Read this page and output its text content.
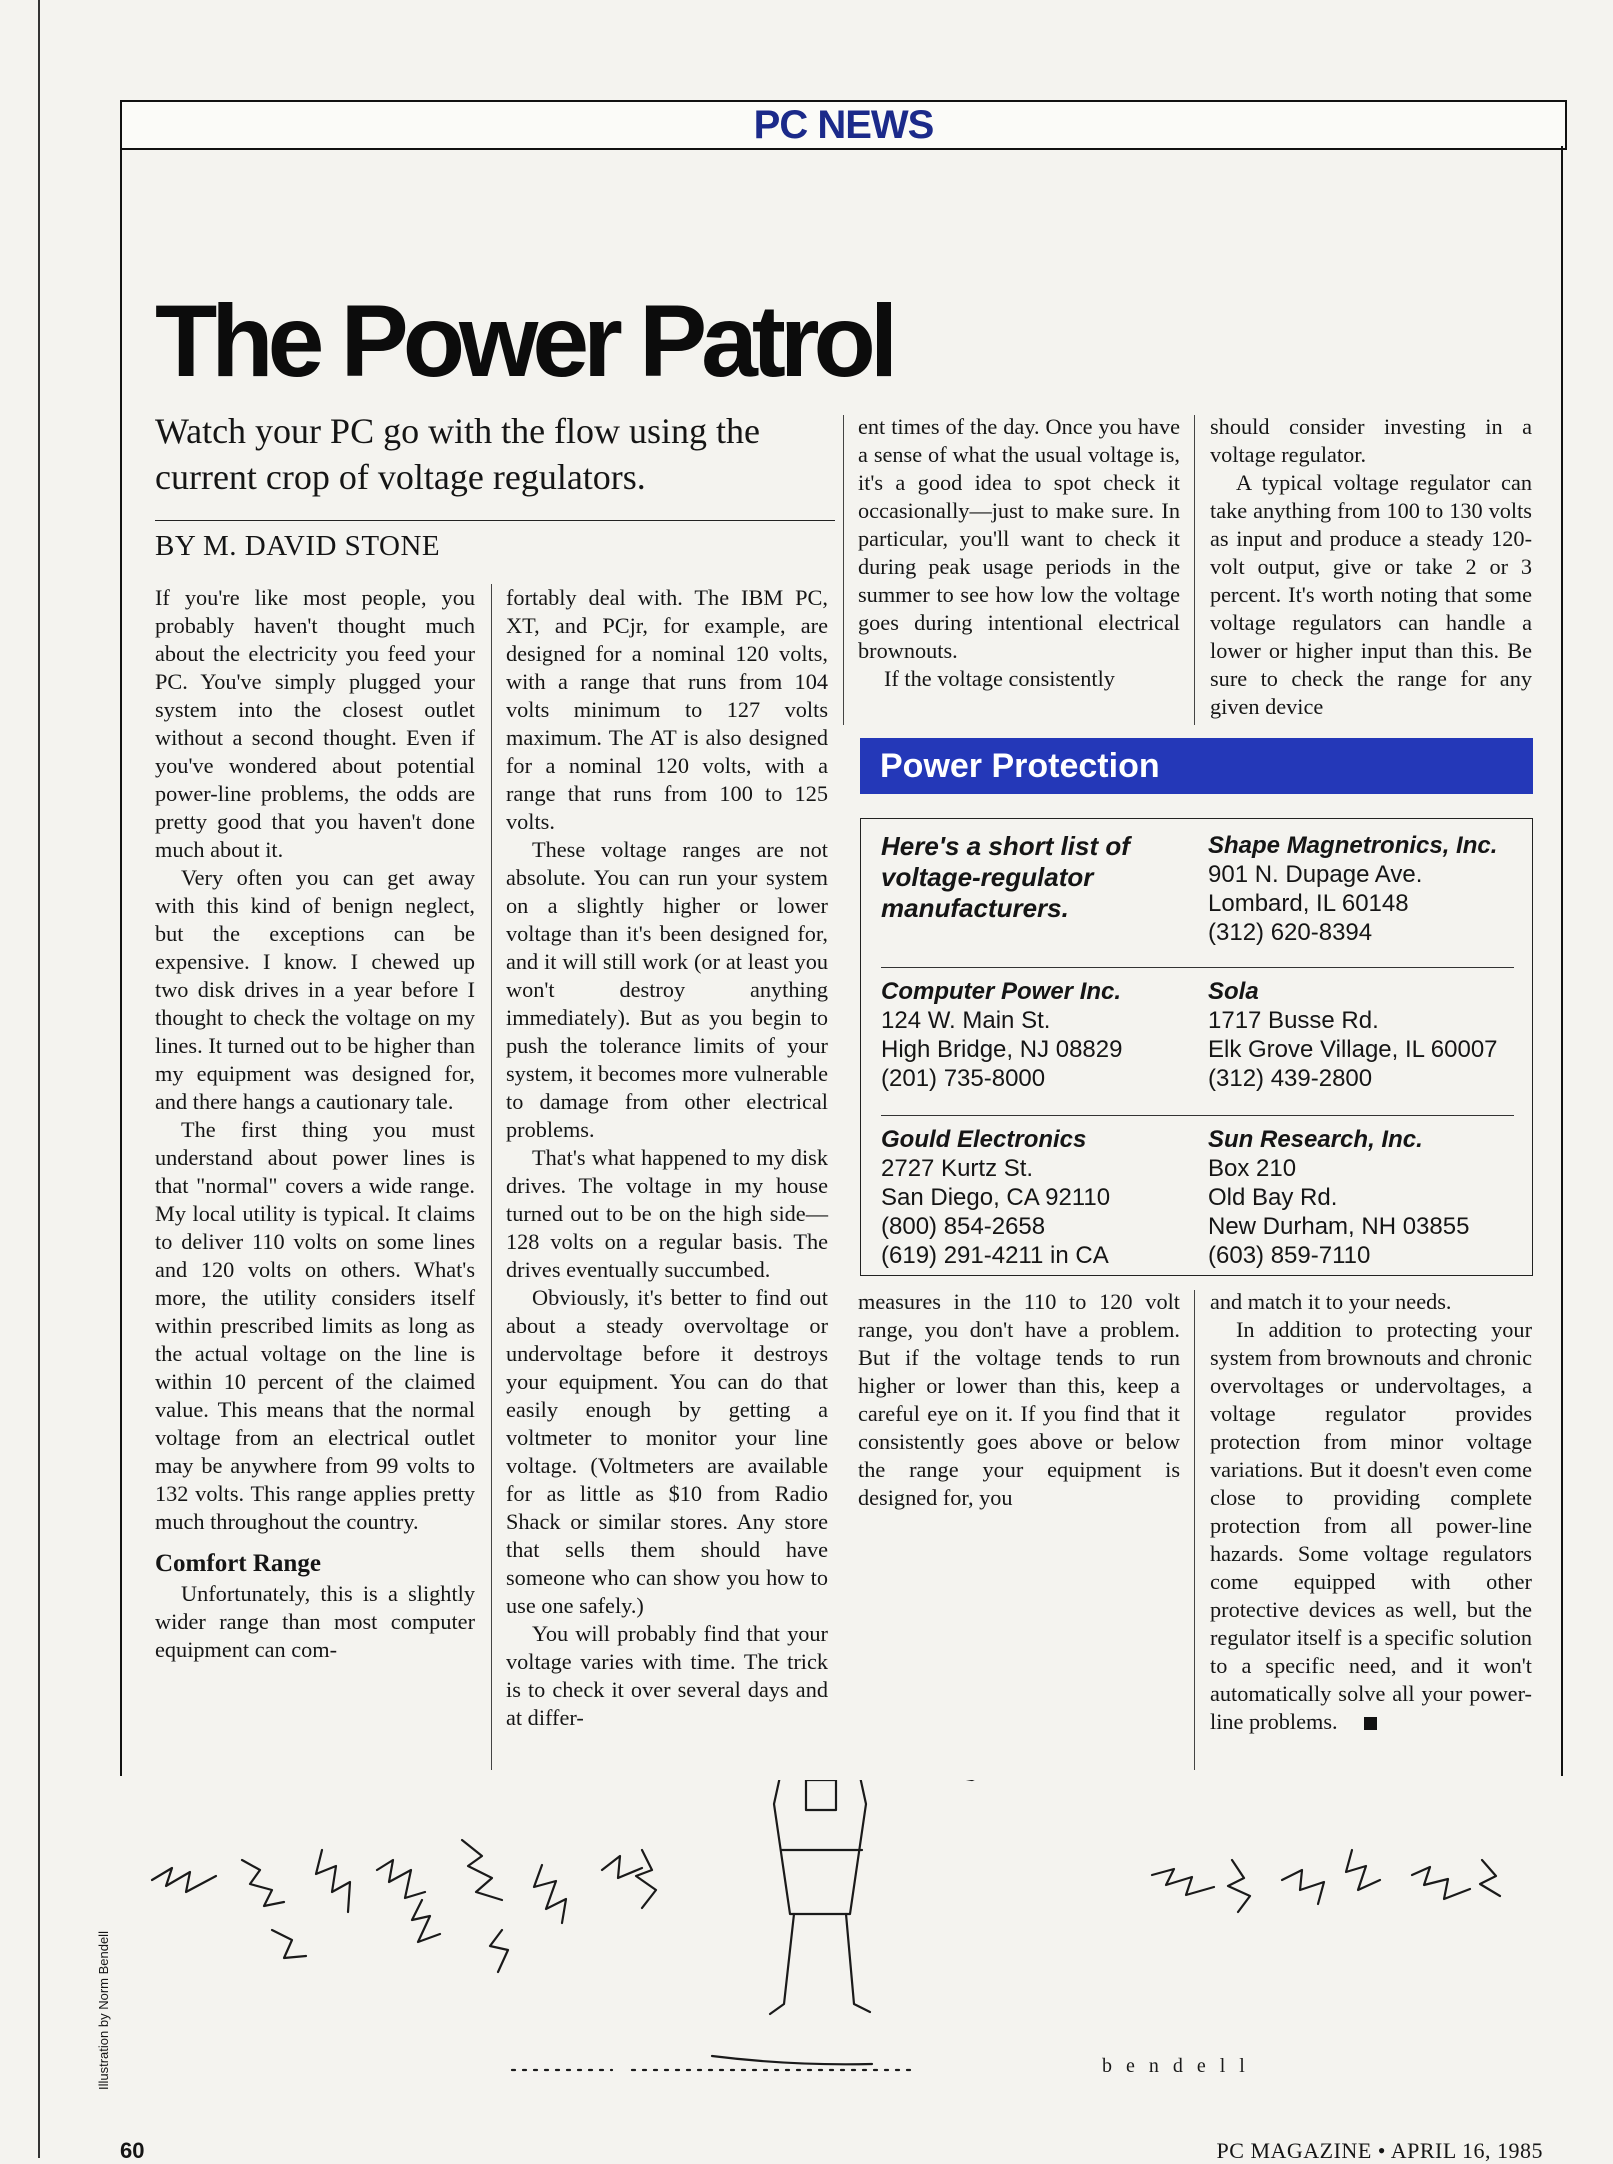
PC NEWS
The Power Patrol
Watch your PC go with the flow using the current crop of voltage regulators.
BY M. DAVID STONE

If you're like most people, you probably haven't thought much about the electricity you feed your PC. You've simply plugged your system into the closest outlet without a second thought. Even if you've wondered about potential power-line problems, the odds are pretty good that you haven't done much about it.

Very often you can get away with this kind of benign neglect, but the exceptions can be expensive. I know. I chewed up two disk drives in a year before I thought to check the voltage on my lines. It turned out to be higher than my equipment was designed for, and there hangs a cautionary tale.

The first thing you must understand about power lines is that "normal" covers a wide range. My local utility is typical. It claims to deliver 110 volts on some lines and 120 volts on others. What's more, the utility considers itself within prescribed limits as long as the actual voltage on the line is within 10 percent of the claimed value. This means that the normal voltage from an electrical outlet may be anywhere from 99 volts to 132 volts. This range applies pretty much throughout the country.

Comfort Range

Unfortunately, this is a slightly wider range than most computer equipment can com-

fortably deal with. The IBM PC, XT, and PCjr, for example, are designed for a nominal 120 volts, with a range that runs from 104 volts minimum to 127 volts maximum. The AT is also designed for a nominal 120 volts, with a range that runs from 100 to 125 volts.

These voltage ranges are not absolute. You can run your system on a slightly higher or lower voltage than it's been designed for, and it will still work (or at least you won't destroy anything immediately). But as you begin to push the tolerance limits of your system, it becomes more vulnerable to damage from other electrical problems.

That's what happened to my disk drives. The voltage in my house turned out to be on the high side—128 volts on a regular basis. The drives eventually succumbed.

Obviously, it's better to find out about a steady overvoltage or undervoltage before it destroys your equipment. You can do that easily enough by getting a voltmeter to monitor your line voltage. (Voltmeters are available for as little as $10 from Radio Shack or similar stores. Any store that sells them should have someone who can show you how to use one safely.)

You will probably find that your voltage varies with time. The trick is to check it over several days and at differ-

ent times of the day. Once you have a sense of what the usual voltage is, it's a good idea to spot check it occasionally—just to make sure. In particular, you'll want to check it during peak usage periods in the summer to see how low the voltage goes during intentional electrical brownouts.

If the voltage consistently

should consider investing in a voltage regulator.

A typical voltage regulator can take anything from 100 to 130 volts as input and produce a steady 120-volt output, give or take 2 or 3 percent. It's worth noting that some voltage regulators can handle a lower or higher input than this. Be sure to check the range for any given device

Power Protection
Here's a short list of voltage-regulator manufacturers.
Shape Magnetronics, Inc.
901 N. Dupage Ave.
Lombard, IL 60148
(312) 620-8394
Computer Power Inc.
124 W. Main St.
High Bridge, NJ 08829
(201) 735-8000
Sola
1717 Busse Rd.
Elk Grove Village, IL 60007
(312) 439-2800
Gould Electronics
2727 Kurtz St.
San Diego, CA 92110
(800) 854-2658
(619) 291-4211 in CA
Sun Research, Inc.
Box 210
Old Bay Rd.
New Durham, NH 03855
(603) 859-7110

measures in the 110 to 120 volt range, you don't have a problem. But if the voltage tends to run higher or lower than this, keep a careful eye on it. If you find that it consistently goes above or below the range your equipment is designed for, you

and match it to your needs.

In addition to protecting your system from brownouts and chronic overvoltages or undervoltages, a voltage regulator provides protection from minor voltage variations. But it doesn't even come close to providing complete protection from all power-line hazards. Some voltage regulators come equipped with other protective devices as well, but the regulator itself is a specific solution to a specific need, and it won't automatically solve all your power-line problems.

bendell
Illustration by Norm Bendell
60	PC MAGAZINE • APRIL 16, 1985
